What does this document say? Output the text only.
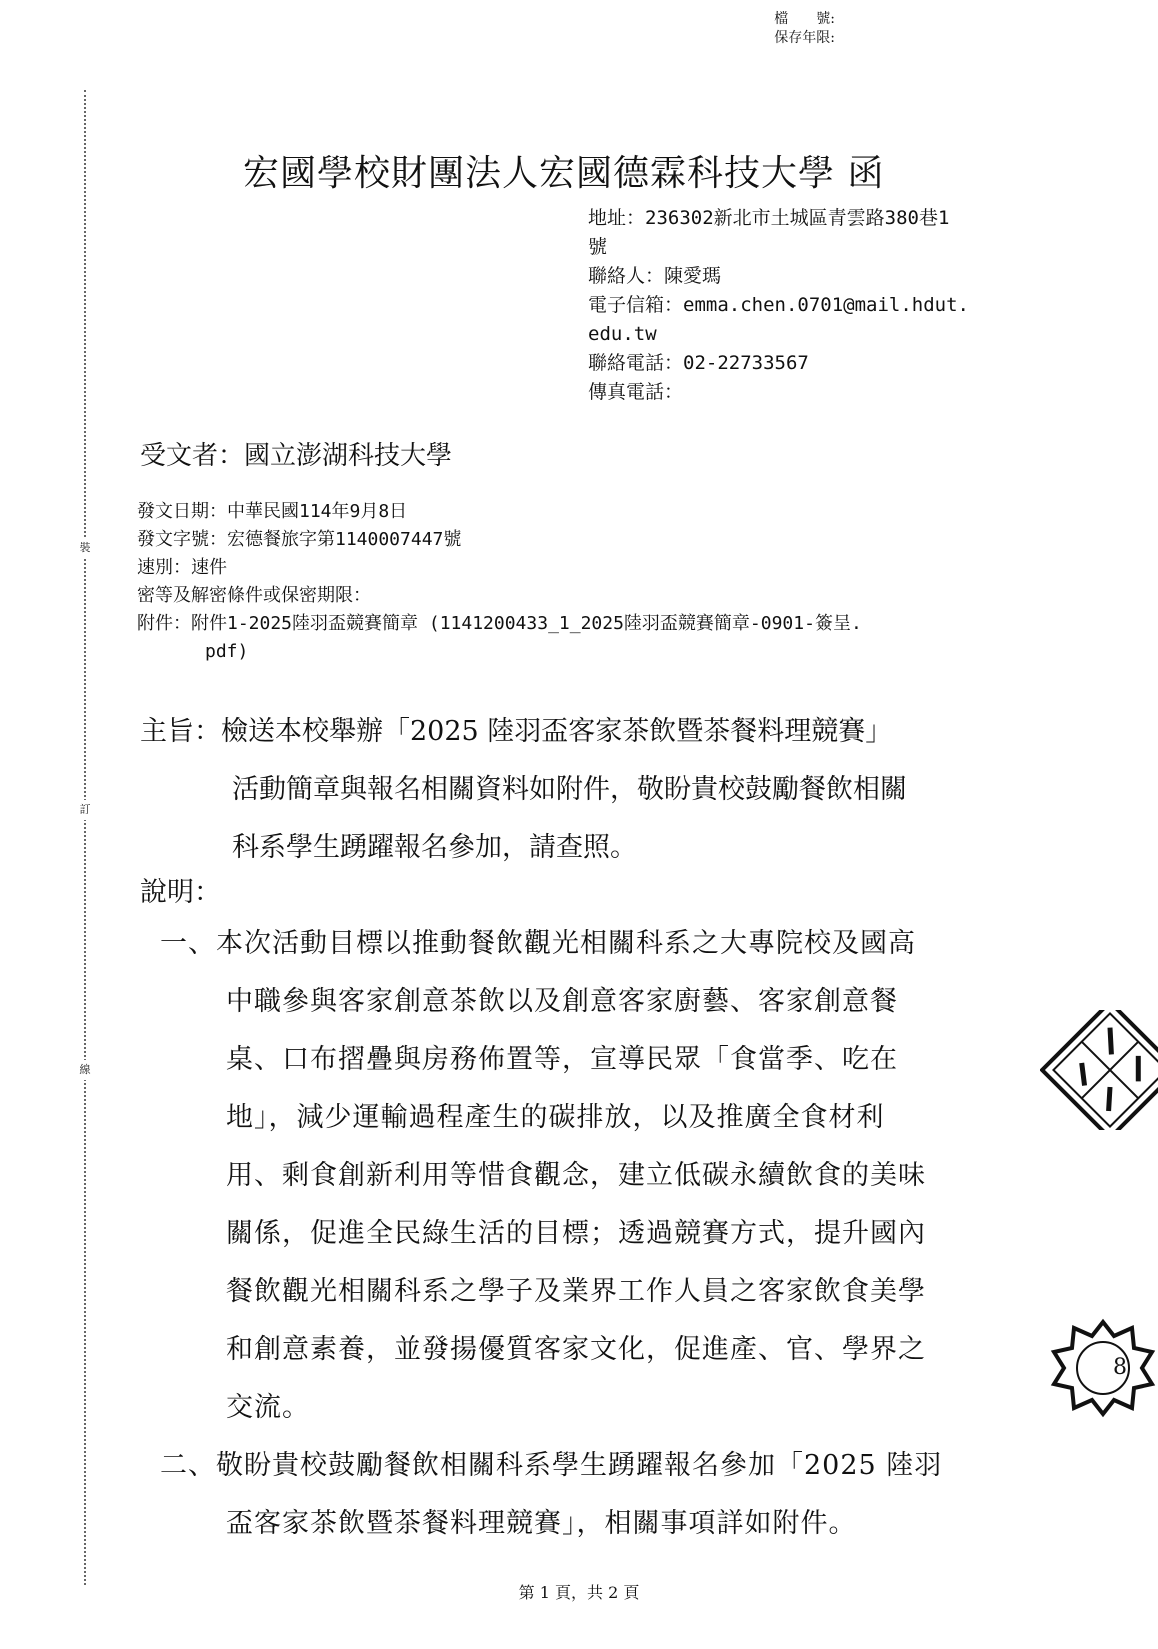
裝
訂
線
檔　　號:
保存年限:
宏國學校財團法人宏國德霖科技大學 函
地址：236302新北市土城區青雲路380巷1
號
聯絡人：陳愛瑪
電子信箱：emma.chen.0701@mail.hdut.
edu.tw
聯絡電話：02-22733567
傳真電話：
受文者：國立澎湖科技大學
發文日期：中華民國114年9月8日
發文字號：宏德餐旅字第1140007447號
速別：速件
密等及解密條件或保密期限：
附件：附件1-2025陸羽盃競賽簡章 (1141200433_1_2025陸羽盃競賽簡章-0901-簽呈.
pdf)
主旨：檢送本校舉辦「2025 陸羽盃客家茶飲暨茶餐料理競賽」
活動簡章與報名相關資料如附件，敬盼貴校鼓勵餐飲相關
科系學生踴躍報名參加，請查照。
說明：
一、本次活動目標以推動餐飲觀光相關科系之大專院校及國高
中職參與客家創意茶飲以及創意客家廚藝、客家創意餐
桌、口布摺疊與房務佈置等，宣導民眾「食當季、吃在
地」，減少運輸過程產生的碳排放，以及推廣全食材利
用、剩食創新利用等惜食觀念，建立低碳永續飲食的美味
關係，促進全民綠生活的目標；透過競賽方式，提升國內
餐飲觀光相關科系之學子及業界工作人員之客家飲食美學
和創意素養，並發揚優質客家文化，促進產、官、學界之
交流。
二、敬盼貴校鼓勵餐飲相關科系學生踴躍報名參加「2025 陸羽
盃客家茶飲暨茶餐料理競賽」，相關事項詳如附件。
8
第 1 頁，共 2 頁
